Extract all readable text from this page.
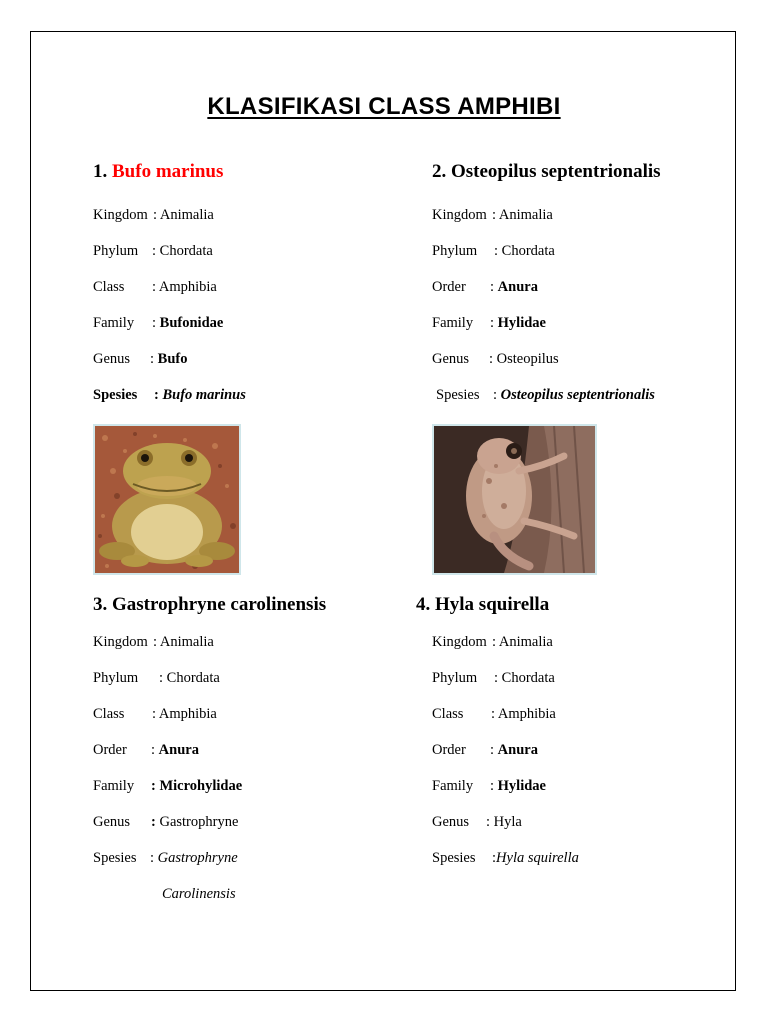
KLASIFIKASI CLASS AMPHIBI
1. Bufo marinus
Kingdom : Animalia
Phylum : Chordata
Class : Amphibia
Family : Bufonidae
Genus : Bufo
Spesies : Bufo marinus
2. Osteopilus septentrionalis
Kingdom : Animalia
Phylum : Chordata
Order : Anura
Family : Hylidae
Genus : Osteopilus
Spesies : Osteopilus septentrionalis
3. Gastrophryne carolinensis
Kingdom : Animalia
Phylum : Chordata
Class : Amphibia
Order : Anura
Family : Microhylidae
Genus : Gastrophryne
Spesies : Gastrophryne
Carolinensis
4. Hyla squirella
Kingdom : Animalia
Phylum : Chordata
Class : Amphibia
Order : Anura
Family : Hylidae
Genus : Hyla
Spesies :Hyla squirella
